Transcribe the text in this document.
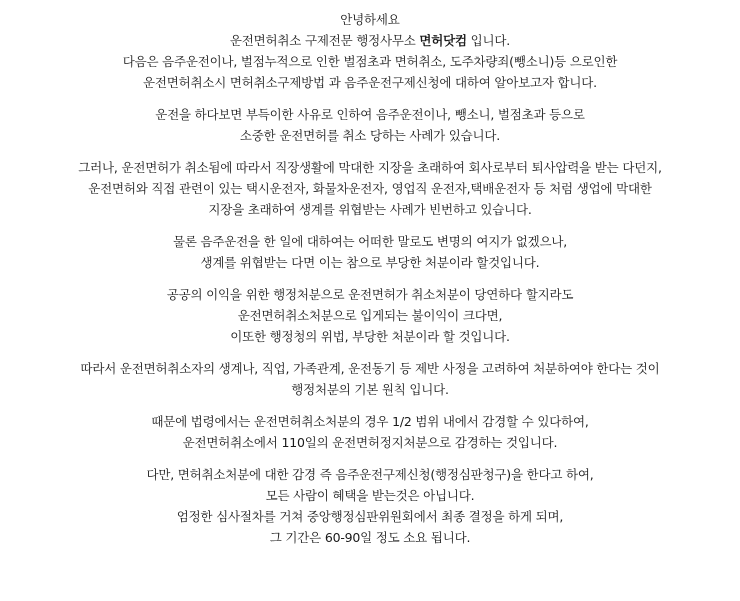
안녕하세요
운전면허취소 구제전문 행정사무소 면허닷컴 입니다.
다음은 음주운전이나, 벌점누적으로 인한 벌점초과 면허취소, 도주차량죄(뺑소니)등 으로인한
운전면허취소시 면허취소구제방법 과 음주운전구제신청에 대하여 알아보고자 합니다.
운전을 하다보면 부득이한 사유로 인하여 음주운전이나, 뺑소니, 벌점초과 등으로
소중한 운전면허를 취소 당하는 사례가 있습니다.
그러나, 운전면허가 취소됨에 따라서 직장생활에 막대한 지장을 초래하여 회사로부터 퇴사압력을 받는 다던지,
운전면허와 직접 관련이 있는 택시운전자, 화물차운전자, 영업직 운전자,택배운전자 등 처럼 생업에 막대한
지장을 초래하여 생계를 위협받는 사례가 빈번하고 있습니다.
물론 음주운전을 한 일에 대하여는 어떠한 말로도 변명의 여지가 없겠으나,
생계를 위협받는 다면 이는 참으로 부당한 처분이라 할것입니다.
공공의 이익을 위한 행정처분으로 운전면허가 취소처분이 당연하다 할지라도
운전면허취소처분으로 입게되는 불이익이 크다면,
이또한 행정청의 위법, 부당한 처분이라 할 것입니다.
따라서 운전면허취소자의 생계나, 직업, 가족관계, 운전동기 등 제반 사정을 고려하여 처분하여야 한다는 것이
행정처분의 기본 원칙 입니다.
때문에 법령에서는 운전면허취소처분의 경우 1/2 범위 내에서 감경할 수 있다하여,
운전면허취소에서 110일의 운전면허정지처분으로 감경하는 것입니다.
다만, 면허취소처분에 대한 감경 즉 음주운전구제신청(행정심판청구)을 한다고 하여,
모든 사람이 혜택을 받는것은 아닙니다.
엄정한 심사절차를 거쳐 중앙행정심판위원회에서 최종 결정을 하게 되며,
그 기간은 60-90일 정도 소요 됩니다.
